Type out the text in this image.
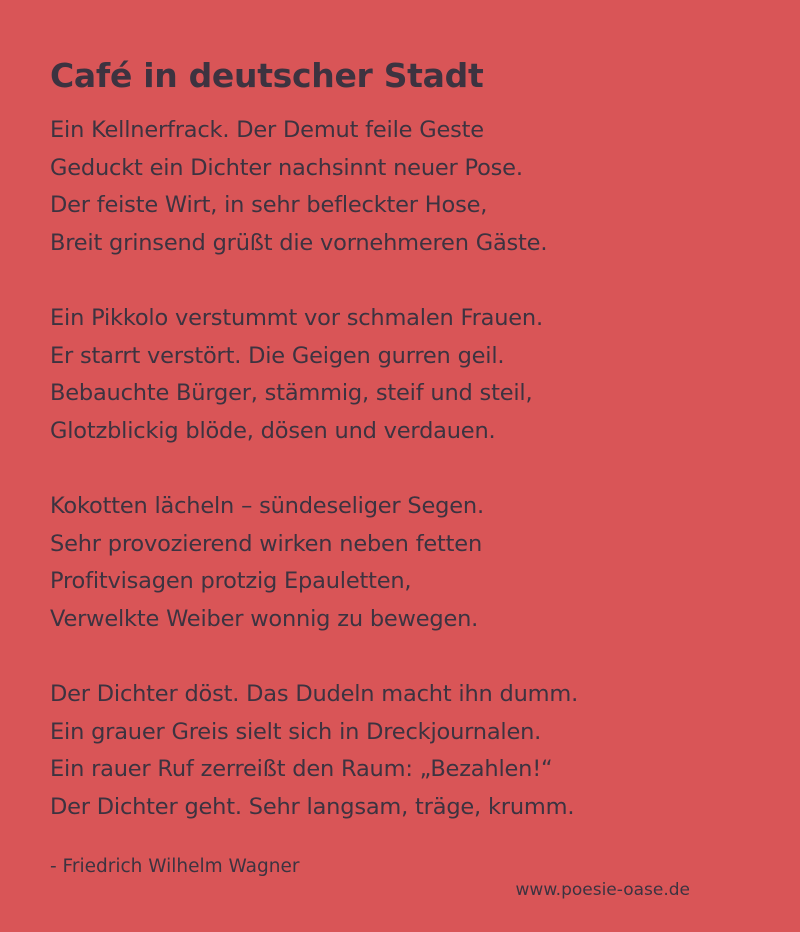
Café in deutscher Stadt
Ein Kellnerfrack. Der Demut feile Geste
Geduckt ein Dichter nachsinnt neuer Pose.
Der feiste Wirt, in sehr befleckter Hose,
Breit grinsend grüßt die vornehmeren Gäste.
Ein Pikkolo verstummt vor schmalen Frauen.
Er starrt verstört. Die Geigen gurren geil.
Bebauchte Bürger, stämmig, steif und steil,
Glotzblickig blöde, dösen und verdauen.
Kokotten lächeln – sündeseliger Segen.
Sehr provozierend wirken neben fetten
Profitvisagen protzig Epauletten,
Verwelkte Weiber wonnig zu bewegen.
Der Dichter döst. Das Dudeln macht ihn dumm.
Ein grauer Greis sielt sich in Dreckjournalen.
Ein rauer Ruf zerreißt den Raum: „Bezahlen!“
Der Dichter geht. Sehr langsam, träge, krumm.
- Friedrich Wilhelm Wagner
www.poesie-oase.de
